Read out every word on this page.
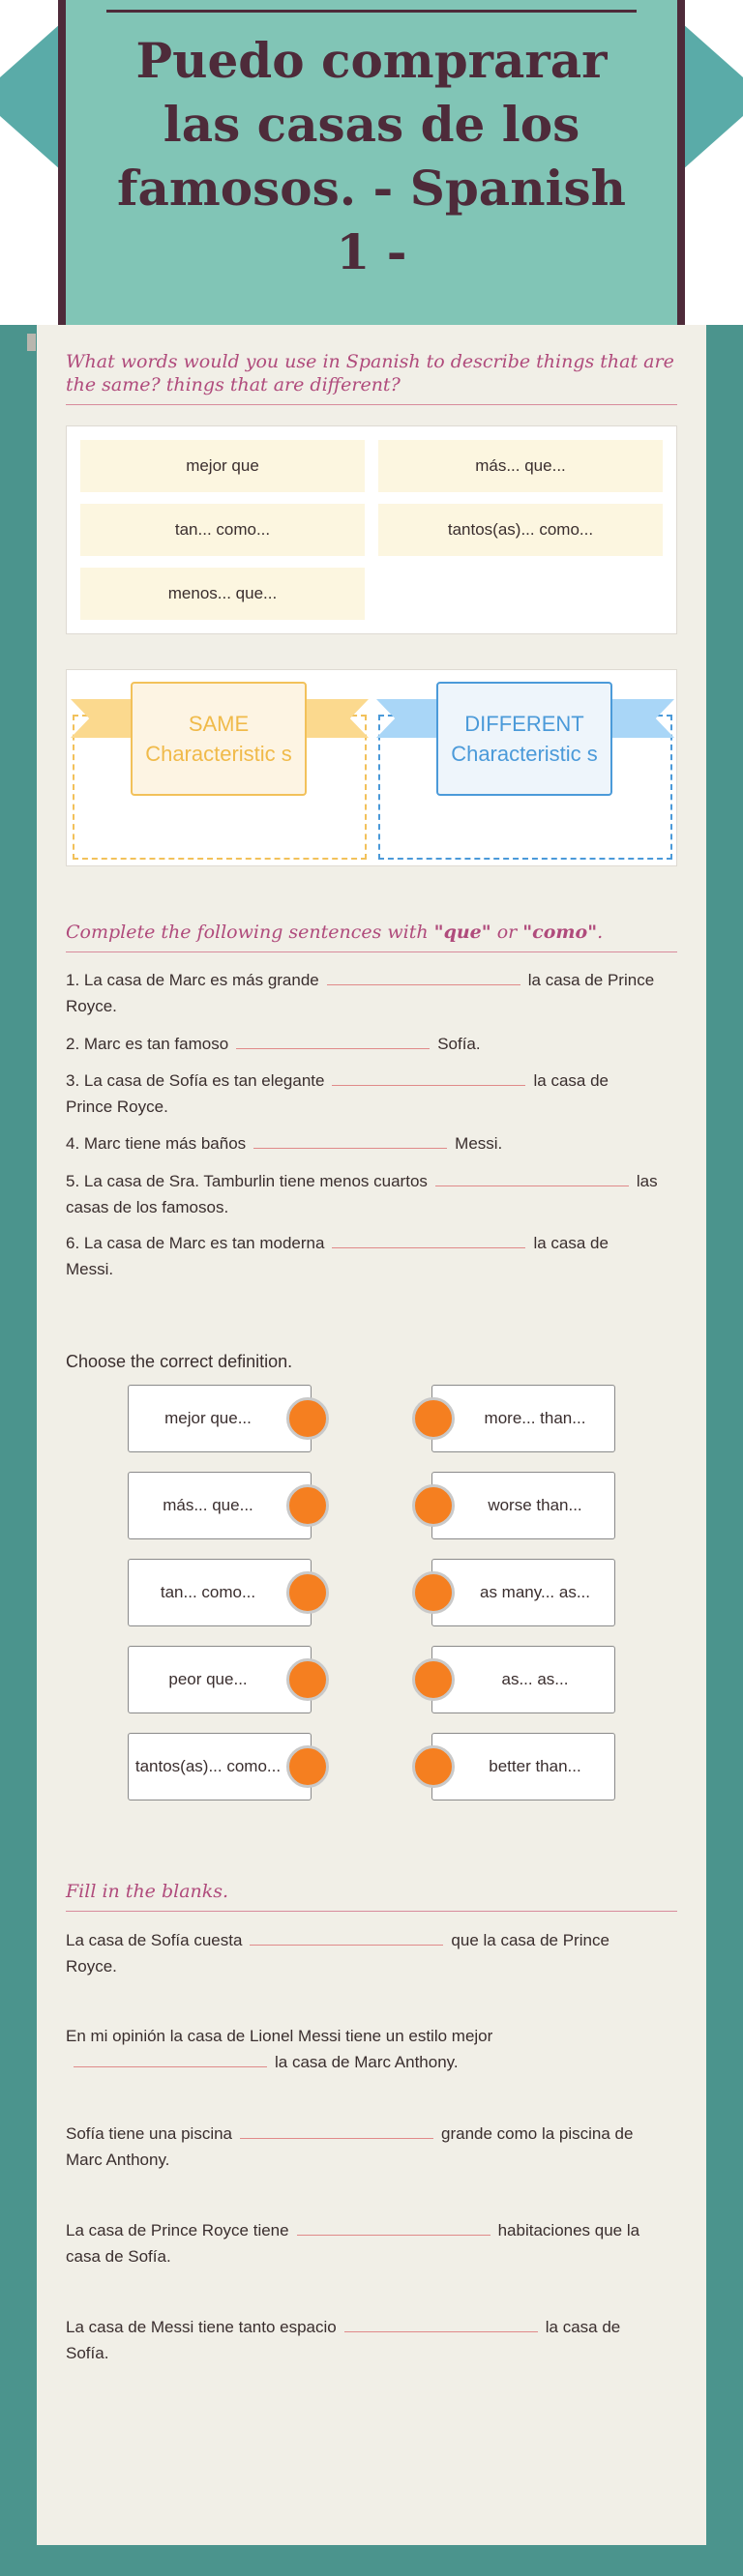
Puedo comprarar las casas de los famosos. - Spanish 1 -

What words would you use in Spanish to describe things that are the same? things that are different?

mejor que	más... que...
tan... como...	tantos(as)... como...
menos... que...
SAME Characteristic s
DIFFERENT Characteristic s

Complete the following sentences with "que" or "como".

1. La casa de Marc es más grande	la casa de Prince Royce.
2. Marc es tan famoso	Sofía.
3. La casa de Sofía es tan elegante	la casa de Prince Royce.
4. Marc tiene más baños	Messi.
5. La casa de Sra. Tamburlin tiene menos cuartos	las casas de los famosos.
6. La casa de Marc es tan moderna	la casa de Messi.
Choose the correct definition.
mejor que...
más... que...
tan... como...
peor que...
tantos(as)... como...
more... than...
worse than...
as many... as...
as... as...
better than...

Fill in the blanks.

La casa de Sofía cuesta	que la casa de Prince Royce.
En mi opinión la casa de Lionel Messi tiene un estilo mejorla casa de Marc Anthony.
Sofía tiene una piscina	grande como la piscina de Marc Anthony.
La casa de Prince Royce tiene	habitaciones que la casa de Sofía.
La casa de Messi tiene tanto espacio	la casa de Sofía.
